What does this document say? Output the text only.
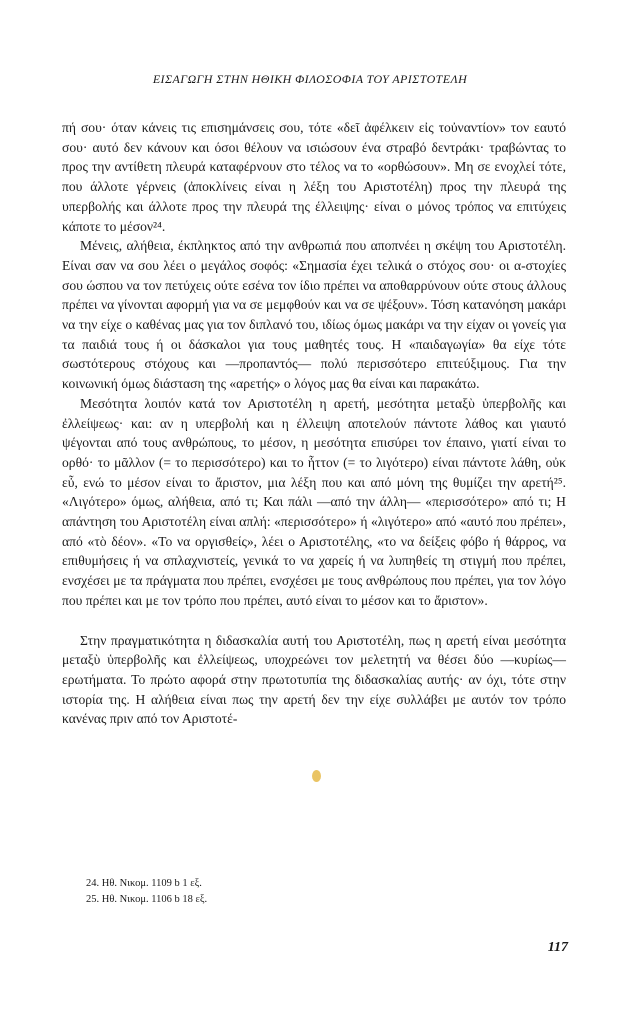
ΕΙΣΑΓΩΓΗ ΣΤΗΝ ΗΘΙΚΗ ΦΙΛΟΣΟΦΙΑ ΤΟΥ ΑΡΙΣΤΟΤΕΛΗ

πή σου· όταν κάνεις τις επισημάνσεις σου, τότε «δεῖ ἀφέλκειν εἰς τοὐναντίον» τον εαυτό σου· αυτό δεν κάνουν και όσοι θέλουν να ισιώσουν ένα στραβό δεντράκι· τραβώντας το προς την αντίθετη πλευρά καταφέρνουν στο τέλος να το «ορθώσουν». Μη σε ενοχλεί τότε, που άλλοτε γέρνεις (ἀποκλίνεις είναι η λέξη του Αριστοτέλη) προς την πλευρά της υπερβολής και άλλοτε προς την πλευρά της έλλειψης· είναι ο μόνος τρόπος να επιτύχεις κάποτε το μέσον²⁴.

Μένεις, αλήθεια, έκπληκτος από την ανθρωπιά που αποπνέει η σκέψη του Αριστοτέλη. Είναι σαν να σου λέει ο μεγάλος σοφός: «Σημασία έχει τελικά ο στόχος σου· οι α-στοχίες σου ώσπου να τον πετύχεις ούτε εσένα τον ίδιο πρέπει να αποθαρρύνουν ούτε στους άλλους πρέπει να γίνονται αφορμή για να σε μεμφθούν και να σε ψέξουν». Τόση κατανόηση μακάρι να την είχε ο καθένας μας για τον διπλανό του, ιδίως όμως μακάρι να την είχαν οι γονείς για τα παιδιά τους ή οι δάσκαλοι για τους μαθητές τους. Η «παιδαγωγία» θα είχε τότε σωστότερους στόχους και —προπαντός— πολύ περισσότερο επιτεύξιμους. Για την κοινωνική όμως διάσταση της «αρετής» ο λόγος μας θα είναι και παρακάτω.

Μεσότητα λοιπόν κατά τον Αριστοτέλη η αρετή, μεσότητα μεταξὺ ὑπερβολῆς και ἐλλείψεως· και: αν η υπερβολή και η έλλειψη αποτελούν πάντοτε λάθος και γιαυτό ψέγονται από τους ανθρώπους, το μέσον, η μεσότητα επισύρει τον έπαινο, γιατί είναι το ορθό· το μᾶλλον (= το περισσότερο) και το ἧττον (= το λιγότερο) είναι πάντοτε λάθη, οὐκ εὖ, ενώ το μέσον είναι το ἄριστον, μια λέξη που και από μόνη της θυμίζει την αρετή²⁵. «Λιγότερο» όμως, αλήθεια, από τι; Και πάλι —από την άλλη— «περισσότερο» από τι; Η απάντηση του Αριστοτέλη είναι απλή: «περισσότερο» ή «λιγότερο» από «αυτό που πρέπει», από «τὸ δέον». «Το να οργισθείς», λέει ο Αριστοτέλης, «το να δείξεις φόβο ή θάρρος, να επιθυμήσεις ή να σπλαχνιστείς, γενικά το να χαρείς ή να λυπηθείς τη στιγμή που πρέπει, ενσχέσει με τα πράγματα που πρέπει, ενσχέσει με τους ανθρώπους που πρέπει, για τον λόγο που πρέπει και με τον τρόπο που πρέπει, αυτό είναι το μέσον και το ἄριστον».

Στην πραγματικότητα η διδασκαλία αυτή του Αριστοτέλη, πως η αρετή είναι μεσότητα μεταξὺ ὑπερβολῆς και ἐλλείψεως, υποχρεώνει τον μελετητή να θέσει δύο —κυρίως— ερωτήματα. Το πρώτο αφορά στην πρωτοτυπία της διδασκαλίας αυτής· αν όχι, τότε στην ιστορία της. Η αλήθεια είναι πως την αρετή δεν την είχε συλλάβει με αυτόν τον τρόπο κανένας πριν από τον Αριστοτέ-

24. Ηθ. Νικομ. 1109 b 1 εξ.
25. Ηθ. Νικομ. 1106 b 18 εξ.
117
